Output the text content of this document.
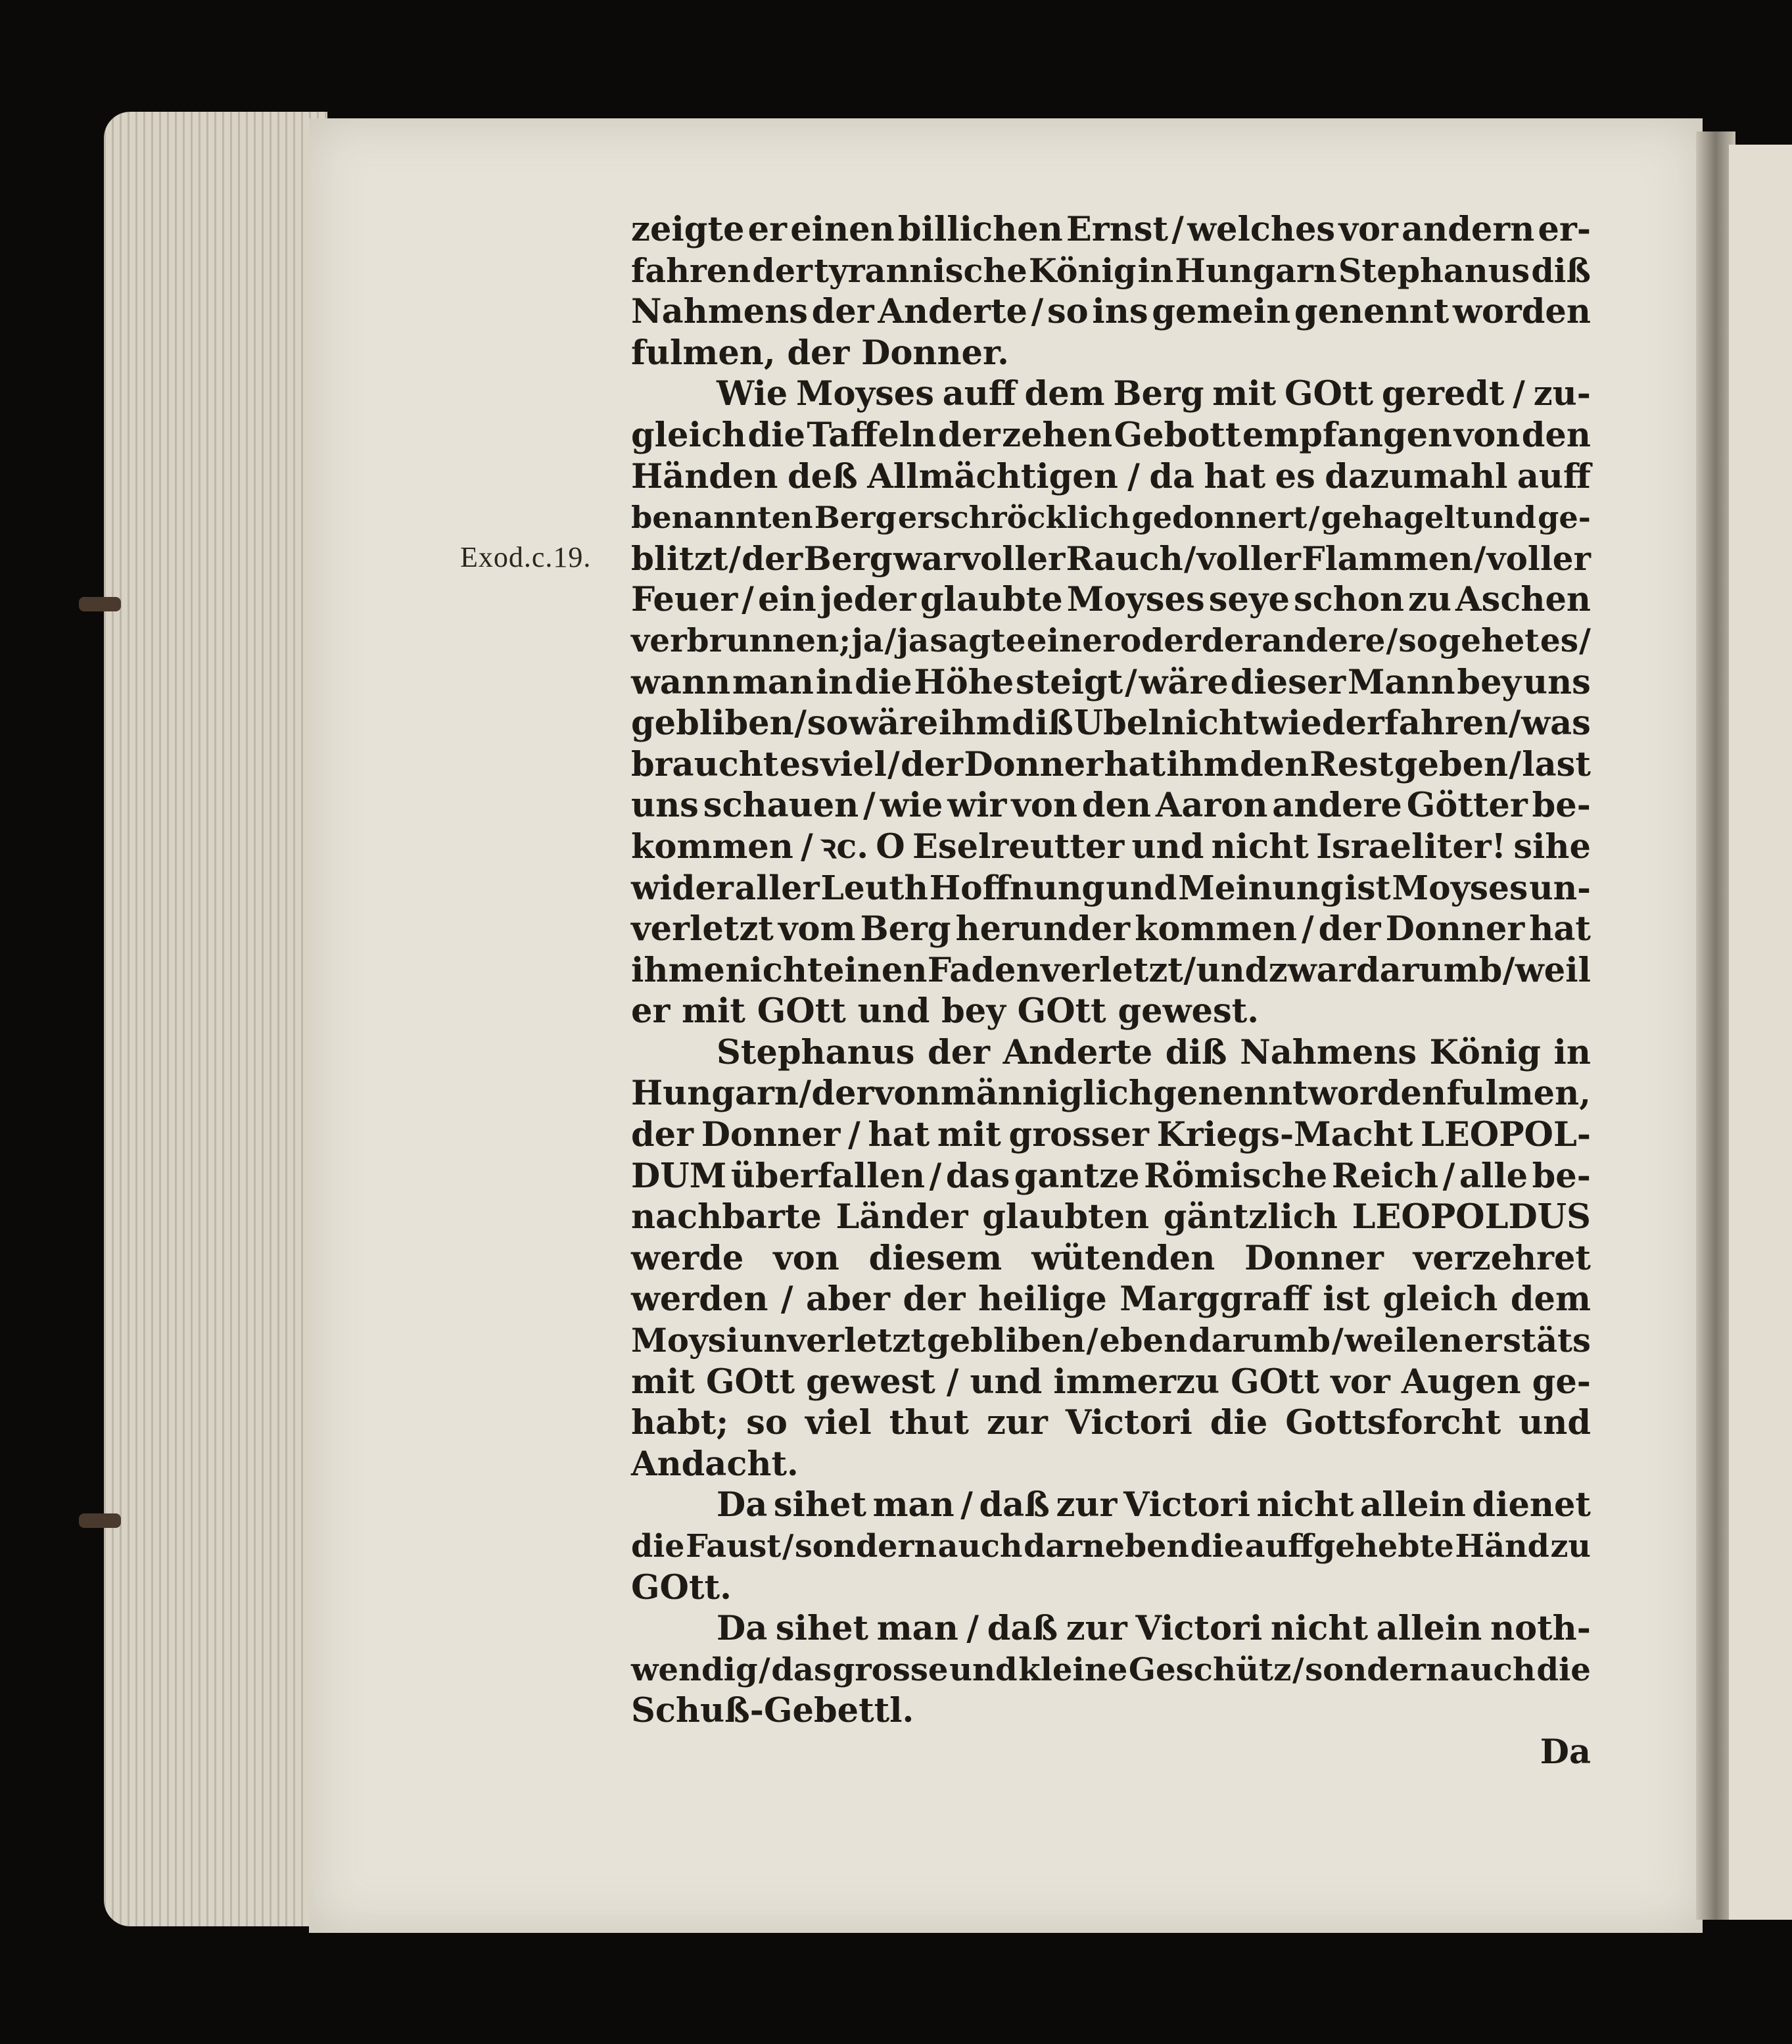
Exod.c.19.
zeigte er einen billichen Ernst / welches vor andern er-
fahren der tyrannische König in Hungarn Stephanus diß
Nahmens der Anderte / so ins gemein genennt worden
fulmen, der Donner.
Wie Moyses auff dem Berg mit GOtt geredt / zu-
gleich die Taffeln der zehen Gebott empfangen von den
Händen deß Allmächtigen / da hat es dazumahl auff
benannten Berg erschröcklich gedonnert / gehagelt und ge-
blitzt / der Berg war voller Rauch / voller Flammen / voller
Feuer / ein jeder glaubte Moyses seye schon zu Aschen
verbrunnen; ja / ja sagte einer oder der andere / so gehet es /
wann man in die Höhe steigt / wäre dieser Mann bey uns
gebliben / so wäre ihm diß Ubel nicht wiederfahren / was
braucht es viel / der Donner hat ihm den Rest geben / last
uns schauen / wie wir von den Aaron andere Götter be-
kommen / ꝛc. O Eselreutter und nicht Israeliter! sihe
wider aller Leuth Hoffnung und Meinung ist Moyses un-
verletzt vom Berg herunder kommen / der Donner hat
ihme nicht einen Faden verletzt / und zwar darumb / weil
er mit GOtt und bey GOtt gewest.
Stephanus der Anderte diß Nahmens König in
Hungarn / der von männiglich genennt worden fulmen,
der Donner / hat mit grosser Kriegs-Macht LEOPOL-
DUM überfallen / das gantze Römische Reich / alle be-
nachbarte Länder glaubten gäntzlich LEOPOLDUS
werde von diesem wütenden Donner verzehret
werden / aber der heilige Marggraff ist gleich dem
Moysi unverletzt gebliben / eben darumb / weilen er stäts
mit GOtt gewest / und immerzu GOtt vor Augen ge-
habt; so viel thut zur Victori die Gottsforcht und
Andacht.
Da sihet man / daß zur Victori nicht allein dienet
die Faust / sondern auch darneben die auffgehebte Händ zu
GOtt.
Da sihet man / daß zur Victori nicht allein noth-
wendig / das grosse und kleine Geschütz / sondern auch die
Schuß-Gebettl.
Da
